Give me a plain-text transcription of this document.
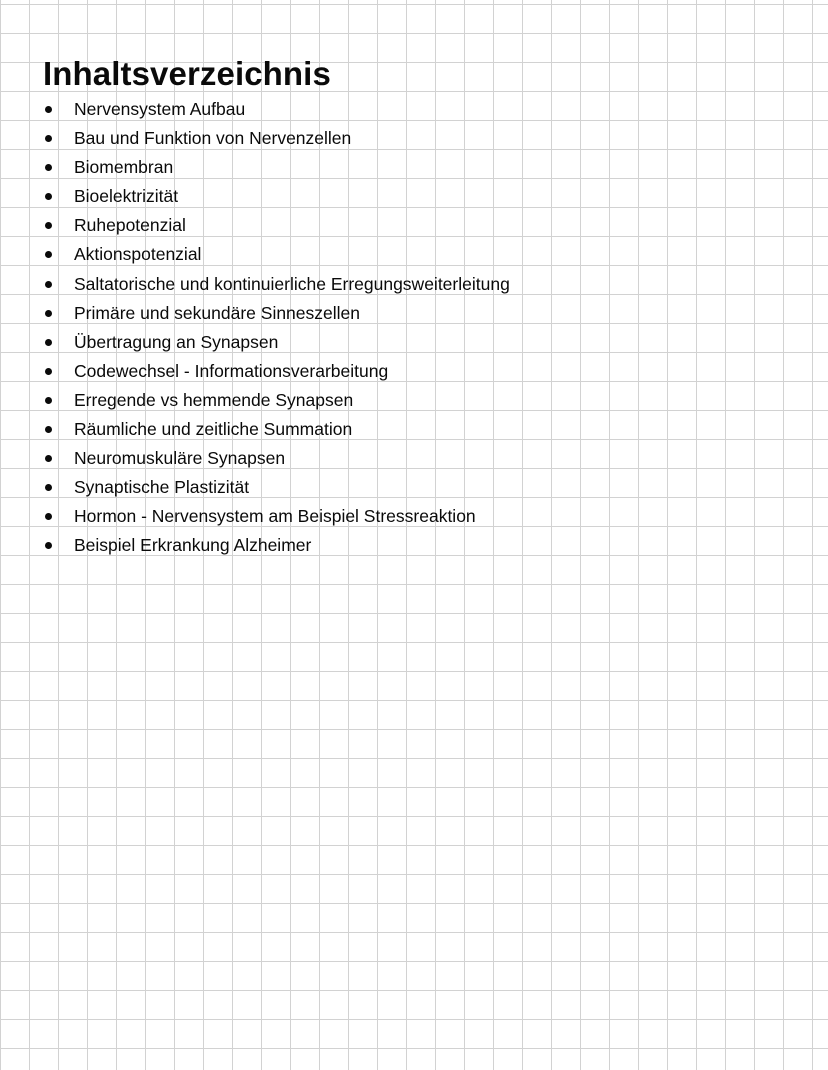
Inhaltsverzeichnis
Nervensystem Aufbau
Bau und Funktion von Nervenzellen
Biomembran
Bioelektrizität
Ruhepotenzial
Aktionspotenzial
Saltatorische und kontinuierliche Erregungsweiterleitung
Primäre und sekundäre Sinneszellen
Übertragung an Synapsen
Codewechsel - Informationsverarbeitung
Erregende vs hemmende Synapsen
Räumliche und zeitliche Summation
Neuromuskuläre Synapsen
Synaptische Plastizität
Hormon - Nervensystem am Beispiel Stressreaktion
Beispiel Erkrankung Alzheimer
